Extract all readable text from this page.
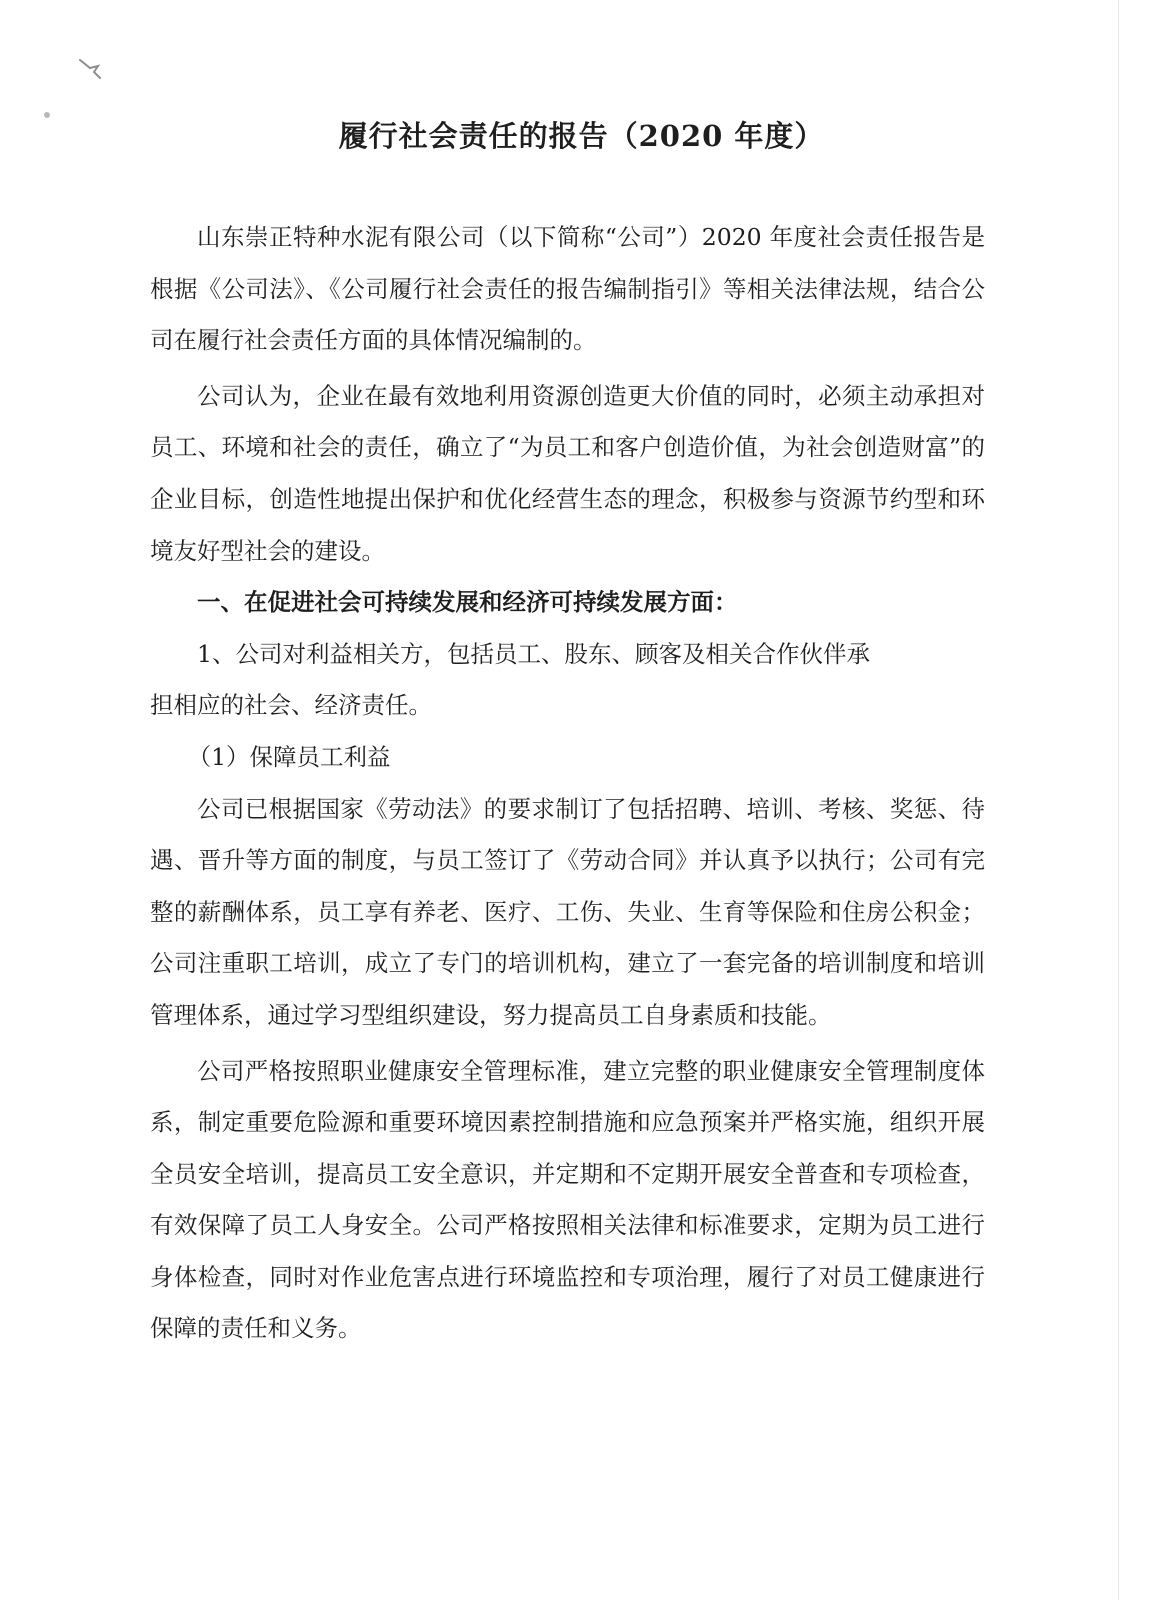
履行社会责任的报告（2020 年度）

山东崇正特种水泥有限公司（以下简称“公司”）2020 年度社会责任报告是根据《公司法》、《公司履行社会责任的报告编制指引》等相关法律法规，结合公司在履行社会责任方面的具体情况编制的。

公司认为，企业在最有效地利用资源创造更大价值的同时，必须主动承担对员工、环境和社会的责任，确立了“为员工和客户创造价值，为社会创造财富”的企业目标，创造性地提出保护和优化经营生态的理念，积极参与资源节约型和环境友好型社会的建设。

一、在促进社会可持续发展和经济可持续发展方面：

1、公司对利益相关方，包括员工、股东、顾客及相关合作伙伴承

担相应的社会、经济责任。

（1）保障员工利益

公司已根据国家《劳动法》的要求制订了包括招聘、培训、考核、奖惩、待遇、晋升等方面的制度，与员工签订了《劳动合同》并认真予以执行；公司有完整的薪酬体系，员工享有养老、医疗、工伤、失业、生育等保险和住房公积金；公司注重职工培训，成立了专门的培训机构，建立了一套完备的培训制度和培训管理体系，通过学习型组织建设，努力提高员工自身素质和技能。

公司严格按照职业健康安全管理标准，建立完整的职业健康安全管理制度体系，制定重要危险源和重要环境因素控制措施和应急预案并严格实施，组织开展全员安全培训，提高员工安全意识，并定期和不定期开展安全普查和专项检查，有效保障了员工人身安全。公司严格按照相关法律和标准要求，定期为员工进行身体检查，同时对作业危害点进行环境监控和专项治理，履行了对员工健康进行保障的责任和义务。
